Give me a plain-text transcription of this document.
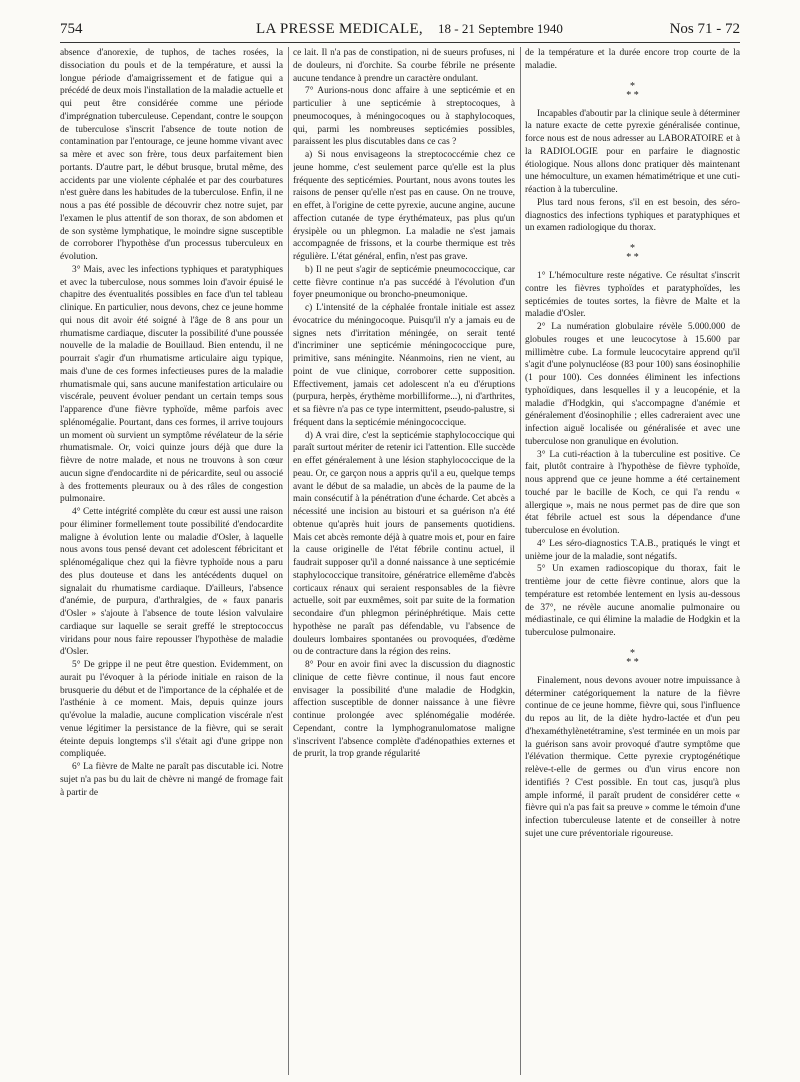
754	LA PRESSE MEDICALE, 18 - 21 Septembre 1940	Nos 71 - 72

absence d'anorexie, de tuphos, de taches rosées, la dissociation du pouls et de la température, et aussi la longue période d'amaigrissement et de fatigue qui a précédé de deux mois l'installation de la maladie actuelle et qui peut être considérée comme une période d'imprégnation tuberculeuse. Cependant, contre le soupçon de tuberculose s'inscrit l'absence de toute notion de contamination par l'entourage, ce jeune homme vivant avec sa mère et avec son frère, tous deux parfaitement bien portants. D'autre part, le début brusque, brutal même, des accidents par une violente céphalée et par des courbatures n'est guère dans les habitudes de la tuberculose. Enfin, il ne nous a pas été possible de découvrir chez notre sujet, par l'examen le plus attentif de son thorax, de son abdomen et de son système lymphatique, le moindre signe susceptible de corroborer l'hypothèse d'un processus tuberculeux en évolution.

3° Mais, avec les infections typhiques et paratyphiques et avec la tuberculose, nous sommes loin d'avoir épuisé le chapitre des éventualités possibles en face d'un tel tableau clinique. En particulier, nous devons, chez ce jeune homme qui nous dit avoir été soigné à l'âge de 8 ans pour un rhumatisme cardiaque, discuter la possibilité d'une poussée nouvelle de la maladie de Bouillaud. Bien entendu, il ne pourrait s'agir d'un rhumatisme articulaire aigu typique, mais d'une de ces formes infectieuses pures de la maladie rhumatismale qui, sans aucune manifestation articulaire ou viscérale, peuvent évoluer pendant un certain temps sous l'apparence d'une fièvre typhoïde, même parfois avec splénomégalie. Pourtant, dans ces formes, il arrive toujours un moment où survient un symptôme révélateur de la série rhumatismale. Or, voici quinze jours déjà que dure la fièvre de notre malade, et nous ne trouvons à son cœur aucun signe d'endocardite ni de péricardite, seul ou associé à des frottements pleuraux ou à des râles de congestion pulmonaire.

4° Cette intégrité complète du cœur est aussi une raison pour éliminer formellement toute possibilité d'endocardite maligne à évolution lente ou maladie d'Osler, à laquelle nous avons tous pensé devant cet adolescent fébricitant et splénomégalique chez qui la fièvre typhoïde nous a paru des plus douteuse et dans les antécédents duquel on signalait du rhumatisme cardiaque. D'ailleurs, l'absence d'anémie, de purpura, d'arthralgies, de « faux panaris d'Osler » s'ajoute à l'absence de toute lésion valvulaire cardiaque sur laquelle se serait greffé le streptococcus viridans pour nous faire repousser l'hypothèse de maladie d'Osler.

5° De grippe il ne peut être question. Evidemment, on aurait pu l'évoquer à la période initiale en raison de la brusquerie du début et de l'importance de la céphalée et de l'asthénie à ce moment. Mais, depuis quinze jours qu'évolue la maladie, aucune complication viscérale n'est venue légitimer la persistance de la fièvre, qui se serait éteinte depuis longtemps s'il s'était agi d'une grippe non compliquée.

6° La fièvre de Malte ne paraît pas discutable ici. Notre sujet n'a pas bu du lait de chèvre ni mangé de fromage fait à partir de

ce lait. Il n'a pas de constipation, ni de sueurs profuses, ni de douleurs, ni d'orchite. Sa courbe fébrile ne présente aucune tendance à prendre un caractère ondulant.

7° Aurions-nous donc affaire à une septicémie et en particulier à une septicémie à streptocoques, à pneumocoques, à méningocoques ou à staphylocoques, qui, parmi les nombreuses septicémies possibles, paraissent les plus discutables dans ce cas ?

a) Si nous envisageons la streptococcémie chez ce jeune homme, c'est seulement parce qu'elle est la plus fréquente des septicémies. Pourtant, nous avons toutes les raisons de penser qu'elle n'est pas en cause. On ne trouve, en effet, à l'origine de cette pyrexie, aucune angine, aucune affection cutanée de type érythémateux, pas plus qu'un érysipèle ou un phlegmon. La maladie ne s'est jamais accompagnée de frissons, et la courbe thermique est très régulière. L'état général, enfin, n'est pas grave.

b) Il ne peut s'agir de septicémie pneumococcique, car cette fièvre continue n'a pas succédé à l'évolution d'un foyer pneumonique ou broncho-pneumonique.

c) L'intensité de la céphalée frontale initiale est assez évocatrice du méningocoque. Puisqu'il n'y a jamais eu de signes nets d'irritation méningée, on serait tenté d'incriminer une septicémie méningococcique pure, primitive, sans méningite. Néanmoins, rien ne vient, au point de vue clinique, corroborer cette supposition. Effectivement, jamais cet adolescent n'a eu d'éruptions (purpura, herpès, érythème morbilliforme...), ni d'arthrites, et sa fièvre n'a pas ce type intermittent, pseudo-palustre, si fréquent dans la septicémie méningococcique.

d) A vrai dire, c'est la septicémie staphylococcique qui paraît surtout mériter de retenir ici l'attention. Elle succède en effet généralement à une lésion staphylococcique de la peau. Or, ce garçon nous a appris qu'il a eu, quelque temps avant le début de sa maladie, un abcès de la paume de la main consécutif à la pénétration d'une écharde. Cet abcès a nécessité une incision au bistouri et sa guérison n'a été obtenue qu'après huit jours de pansements quotidiens. Mais cet abcès remonte déjà à quatre mois et, pour en faire la cause originelle de l'état fébrile continu actuel, il faudrait supposer qu'il a donné naissance à une septicémie staphylococcique transitoire, génératrice ellemême d'abcès corticaux rénaux qui seraient responsables de la fièvre actuelle, soit par euxmêmes, soit par suite de la formation secondaire d'un phlegmon périnéphrétique. Mais cette hypothèse ne paraît pas défendable, vu l'absence de douleurs lombaires spontanées ou provoquées, d'œdème ou de contracture dans la région des reins.

8° Pour en avoir fini avec la discussion du diagnostic clinique de cette fièvre continue, il nous faut encore envisager la possibilité d'une maladie de Hodgkin, affection susceptible de donner naissance à une fièvre continue prolongée avec splénomégalie modérée. Cependant, contre la lymphogranulomatose maligne s'inscrivent l'absence complète d'adénopathies externes et de prurit, la trop grande régularité

de la température et la durée encore trop courte de la maladie.

*
* *

Incapables d'aboutir par la clinique seule à déterminer la nature exacte de cette pyrexie généralisée continue, force nous est de nous adresser au LABORATOIRE et à la RADIOLOGIE pour en parfaire le diagnostic étiologique. Nous allons donc pratiquer dès maintenant une hémoculture, un examen hématimétrique et une cuti-réaction à la tuberculine.

Plus tard nous ferons, s'il en est besoin, des séro-diagnostics des infections typhiques et paratyphiques et un examen radiologique du thorax.

*
* *

1° L'hémoculture reste négative. Ce résultat s'inscrit contre les fièvres typhoïdes et paratyphoïdes, les septicémies de toutes sortes, la fièvre de Malte et la maladie d'Osler.

2° La numération globulaire révèle 5.000.000 de globules rouges et une leucocytose à 15.600 par millimètre cube. La formule leucocytaire apprend qu'il s'agit d'une polynucléose (83 pour 100) sans éosinophilie (1 pour 100). Ces données éliminent les infections typhoïdiques, dans lesquelles il y a leucopénie, et la maladie d'Hodgkin, qui s'accompagne d'anémie et généralement d'éosinophilie ; elles cadreraient avec une infection aiguë localisée ou généralisée et avec une tuberculose non granulique en évolution.

3° La cuti-réaction à la tuberculine est positive. Ce fait, plutôt contraire à l'hypothèse de fièvre typhoïde, nous apprend que ce jeune homme a été certainement touché par le bacille de Koch, ce qui l'a rendu « allergique », mais ne nous permet pas de dire que son état fébrile actuel est sous la dépendance d'une tuberculose en évolution.

4° Les séro-diagnostics T.A.B., pratiqués le vingt et unième jour de la maladie, sont négatifs.

5° Un examen radioscopique du thorax, fait le trentième jour de cette fièvre continue, alors que la température est retombée lentement en lysis au-dessous de 37°, ne révèle aucune anomalie pulmonaire ou médiastinale, ce qui élimine la maladie de Hodgkin et la tuberculose pulmonaire.

*
* *

Finalement, nous devons avouer notre impuissance à déterminer catégoriquement la nature de la fièvre continue de ce jeune homme, fièvre qui, sous l'influence du repos au lit, de la diète hydro-lactée et d'un peu d'hexaméthylènetétramine, s'est terminée en un mois par la guérison sans avoir provoqué d'autre symptôme que l'élévation thermique. Cette pyrexie cryptogénétique relève-t-elle de germes ou d'un virus encore non identifiés ? C'est possible. En tout cas, jusqu'à plus ample informé, il paraît prudent de considérer cette « fièvre qui n'a pas fait sa preuve » comme le témoin d'une infection tuberculeuse latente et de conseiller à notre sujet une cure préventoriale rigoureuse.
